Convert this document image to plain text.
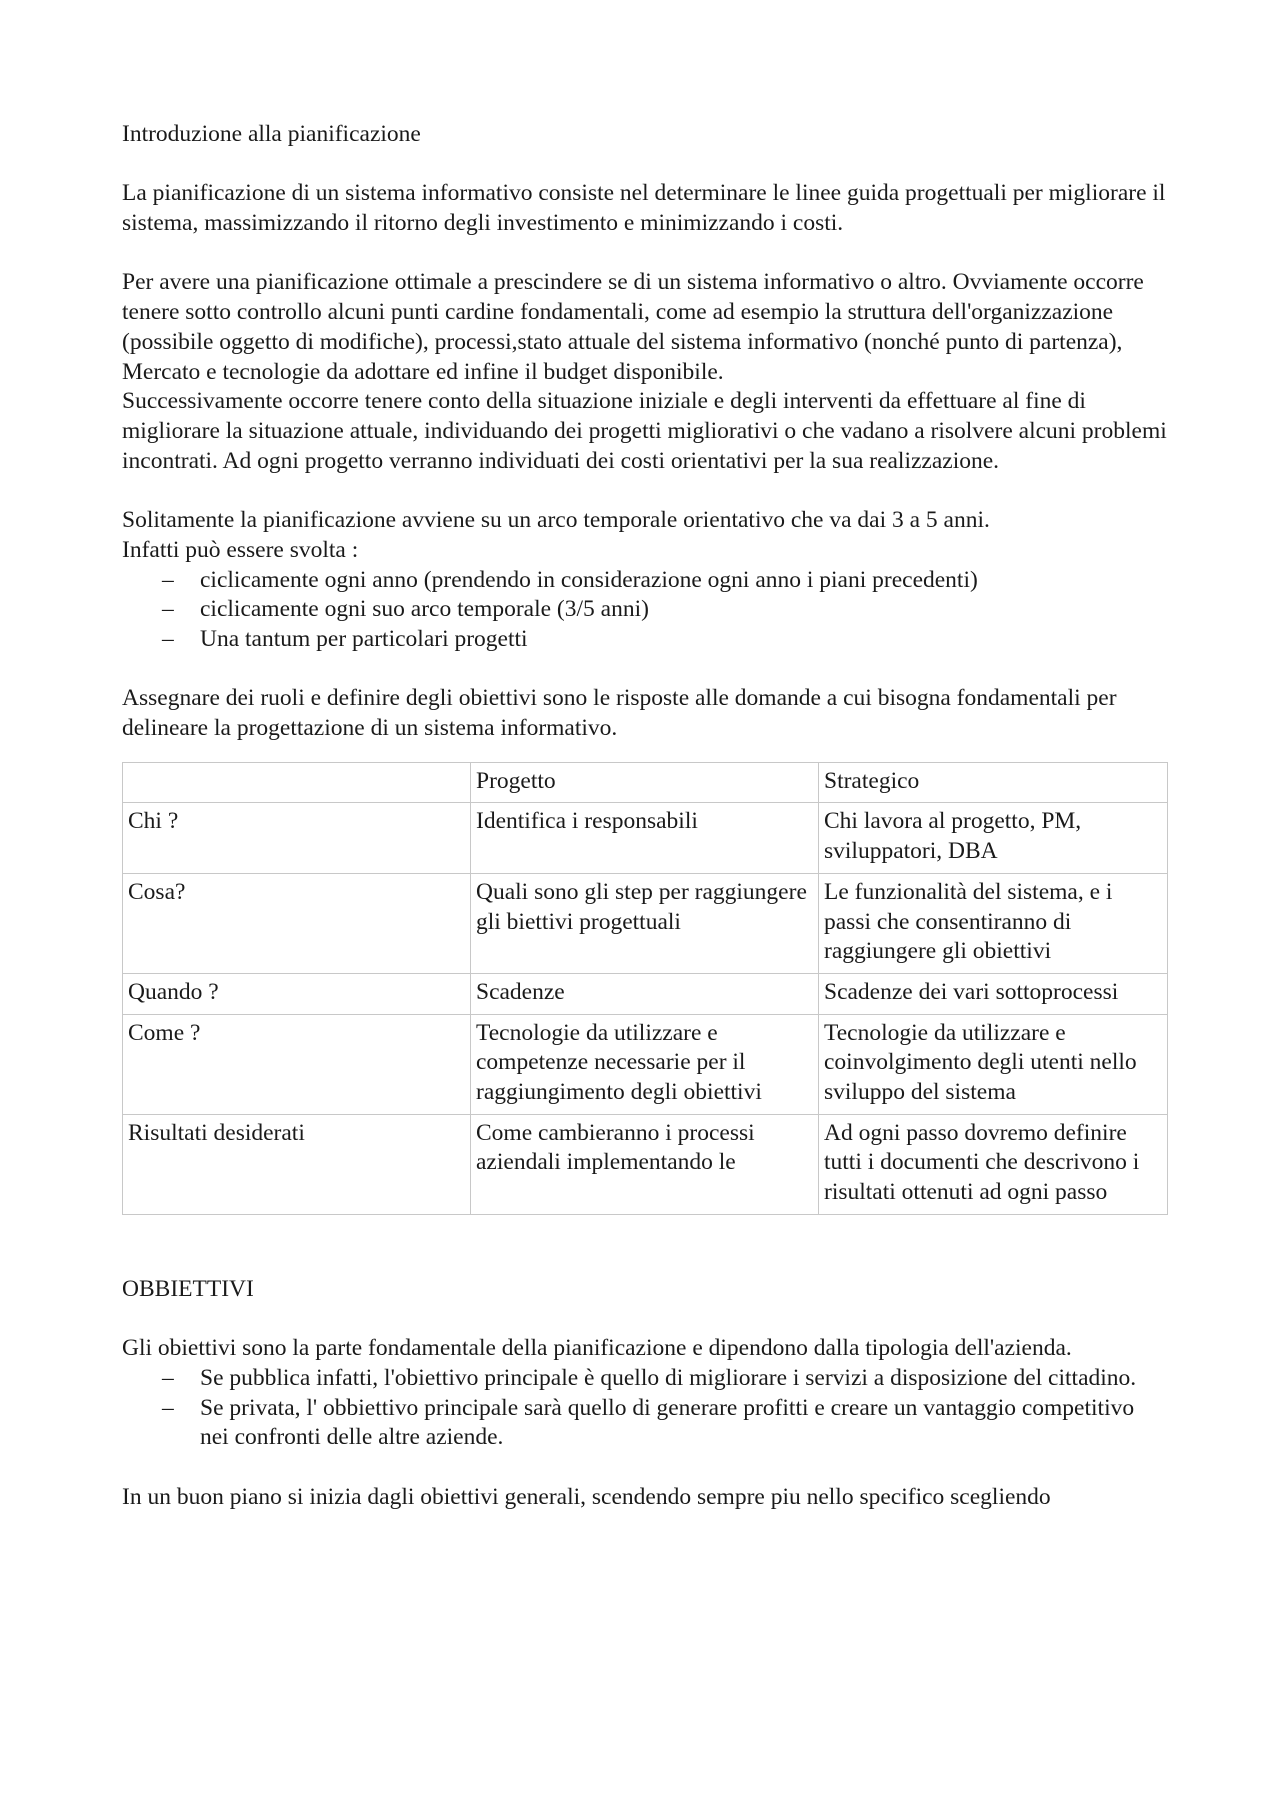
Introduzione alla pianificazione

La pianificazione di un sistema informativo consiste nel determinare le linee guida progettuali per migliorare il sistema, massimizzando il ritorno degli investimento e minimizzando i costi.

Per avere una pianificazione ottimale a prescindere se di un sistema informativo o altro. Ovviamente occorre tenere sotto controllo alcuni punti cardine fondamentali, come ad esempio la struttura dell'organizzazione (possibile oggetto di modifiche), processi,stato attuale del sistema informativo (nonché punto di partenza), Mercato e tecnologie da adottare ed infine il budget disponibile.

Successivamente occorre tenere conto della situazione iniziale e degli interventi da effettuare al fine di migliorare la situazione attuale, individuando dei progetti migliorativi o che vadano a risolvere alcuni problemi incontrati. Ad ogni progetto verranno individuati dei costi orientativi per la sua realizzazione.

Solitamente la pianificazione avviene su un arco temporale orientativo che va dai 3 a 5 anni.

Infatti può essere svolta :

– ciclicamente ogni anno (prendendo in considerazione ogni anno i piani precedenti)
– ciclicamente ogni suo arco temporale (3/5 anni)
– Una tantum per particolari progetti

Assegnare dei ruoli e definire degli obiettivi sono le risposte alle domande a cui bisogna fondamentali per delineare la progettazione di un sistema informativo.

	Progetto	Strategico
Chi ?	Identifica i responsabili	Chi lavora al progetto, PM, sviluppatori, DBA
Cosa?	Quali sono gli step per raggiungere gli biettivi progettuali	Le funzionalità del sistema, e i passi che consentiranno di raggiungere gli obiettivi
Quando ?	Scadenze	Scadenze dei vari sottoprocessi
Come ?	Tecnologie da utilizzare e competenze necessarie per il raggiungimento degli obiettivi	Tecnologie da utilizzare e coinvolgimento degli utenti nello sviluppo del sistema
Risultati desiderati	Come cambieranno i processi aziendali implementando le	Ad ogni passo dovremo definire tutti i documenti che descrivono i risultati ottenuti ad ogni passo

OBBIETTIVI

Gli obiettivi sono la parte fondamentale della pianificazione e dipendono dalla tipologia dell'azienda.

– Se pubblica infatti, l'obiettivo principale è quello di migliorare i servizi a disposizione del cittadino.
– Se privata, l' obbiettivo principale sarà quello di generare profitti e creare un vantaggio competitivo nei confronti delle altre aziende.

In un buon piano si inizia dagli obiettivi generali, scendendo sempre piu nello specifico scegliendo
